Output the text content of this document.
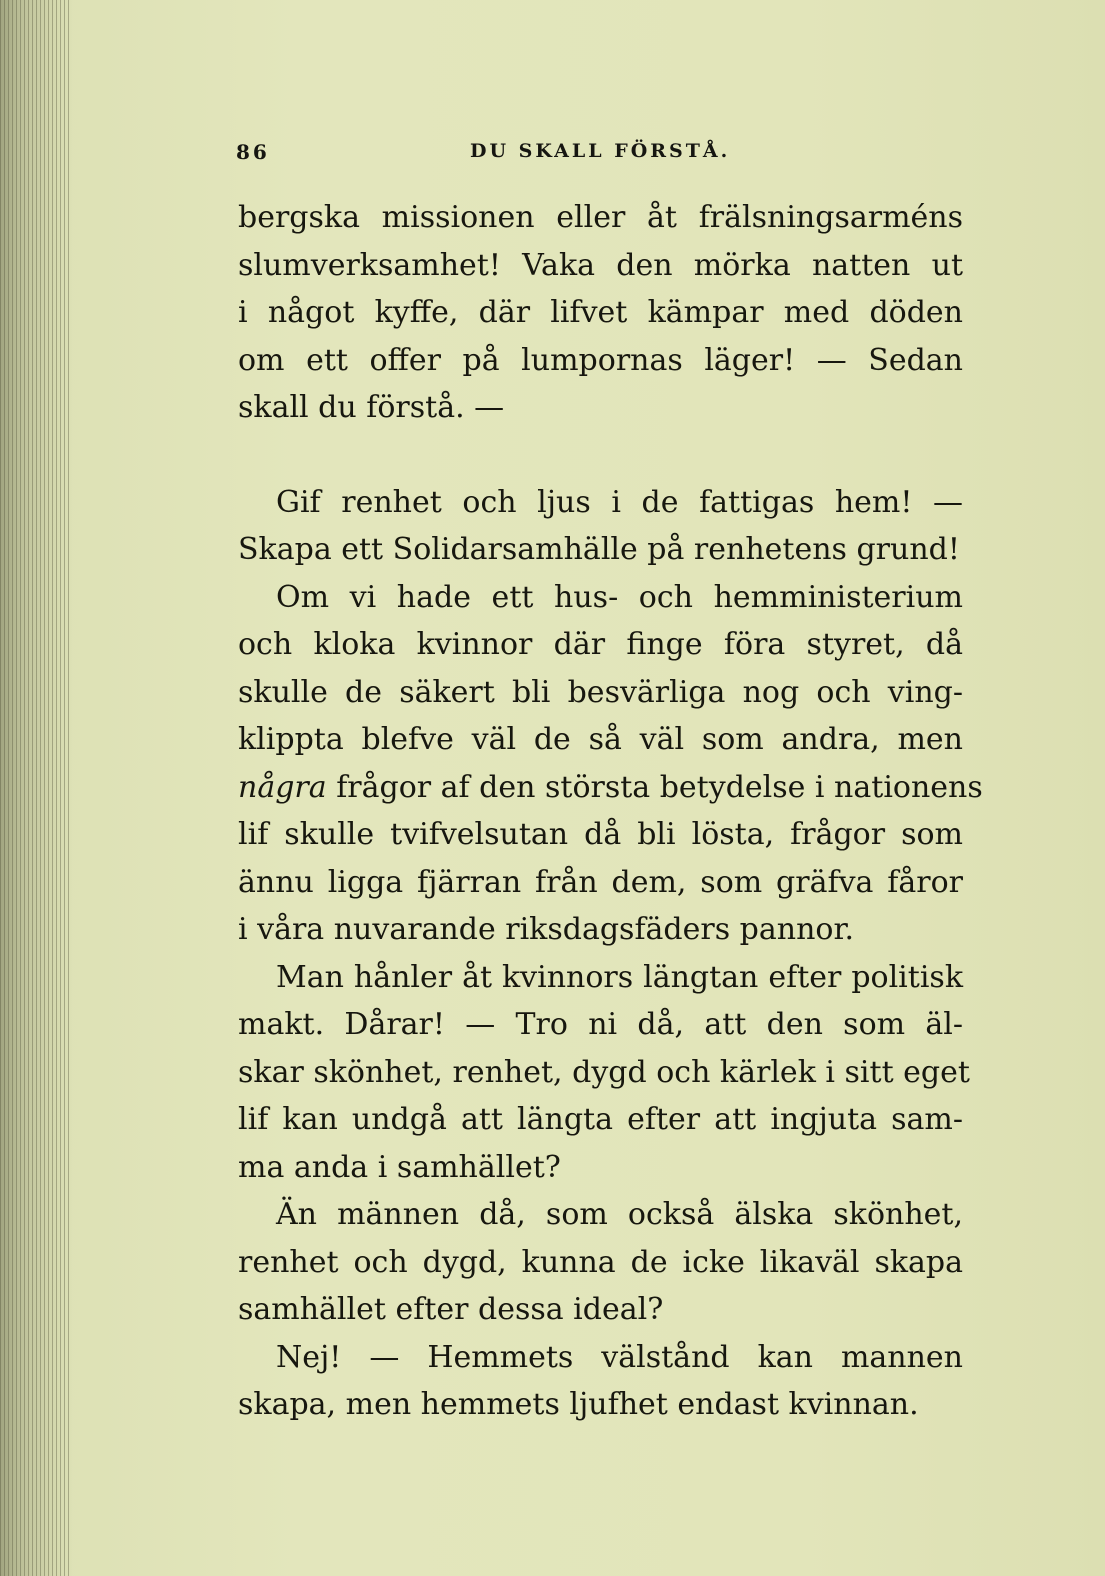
86	DU SKALL FÖRSTÅ.
bergska missionen eller åt frälsningsarméns
slumverksamhet! Vaka den mörka natten ut
i något kyffe, där lifvet kämpar med döden
om ett offer på lumpornas läger! — Sedan
skall du förstå. —
Gif renhet och ljus i de fattigas hem! —
Skapa ett Solidarsamhälle på renhetens grund!
Om vi hade ett hus- och hemministerium
och kloka kvinnor där finge föra styret, då
skulle de säkert bli besvärliga nog och ving-
klippta blefve väl de så väl som andra, men
några frågor af den största betydelse i nationens
lif skulle tvifvelsutan då bli lösta, frågor som
ännu ligga fjärran från dem, som gräfva fåror
i våra nuvarande riksdagsfäders pannor.
Man hånler åt kvinnors längtan efter politisk
makt. Dårar! — Tro ni då, att den som äl-
skar skönhet, renhet, dygd och kärlek i sitt eget
lif kan undgå att längta efter att ingjuta sam-
ma anda i samhället?
Än männen då, som också älska skönhet,
renhet och dygd, kunna de icke likaväl skapa
samhället efter dessa ideal?
Nej! — Hemmets välstånd kan mannen
skapa, men hemmets ljufhet endast kvinnan.
